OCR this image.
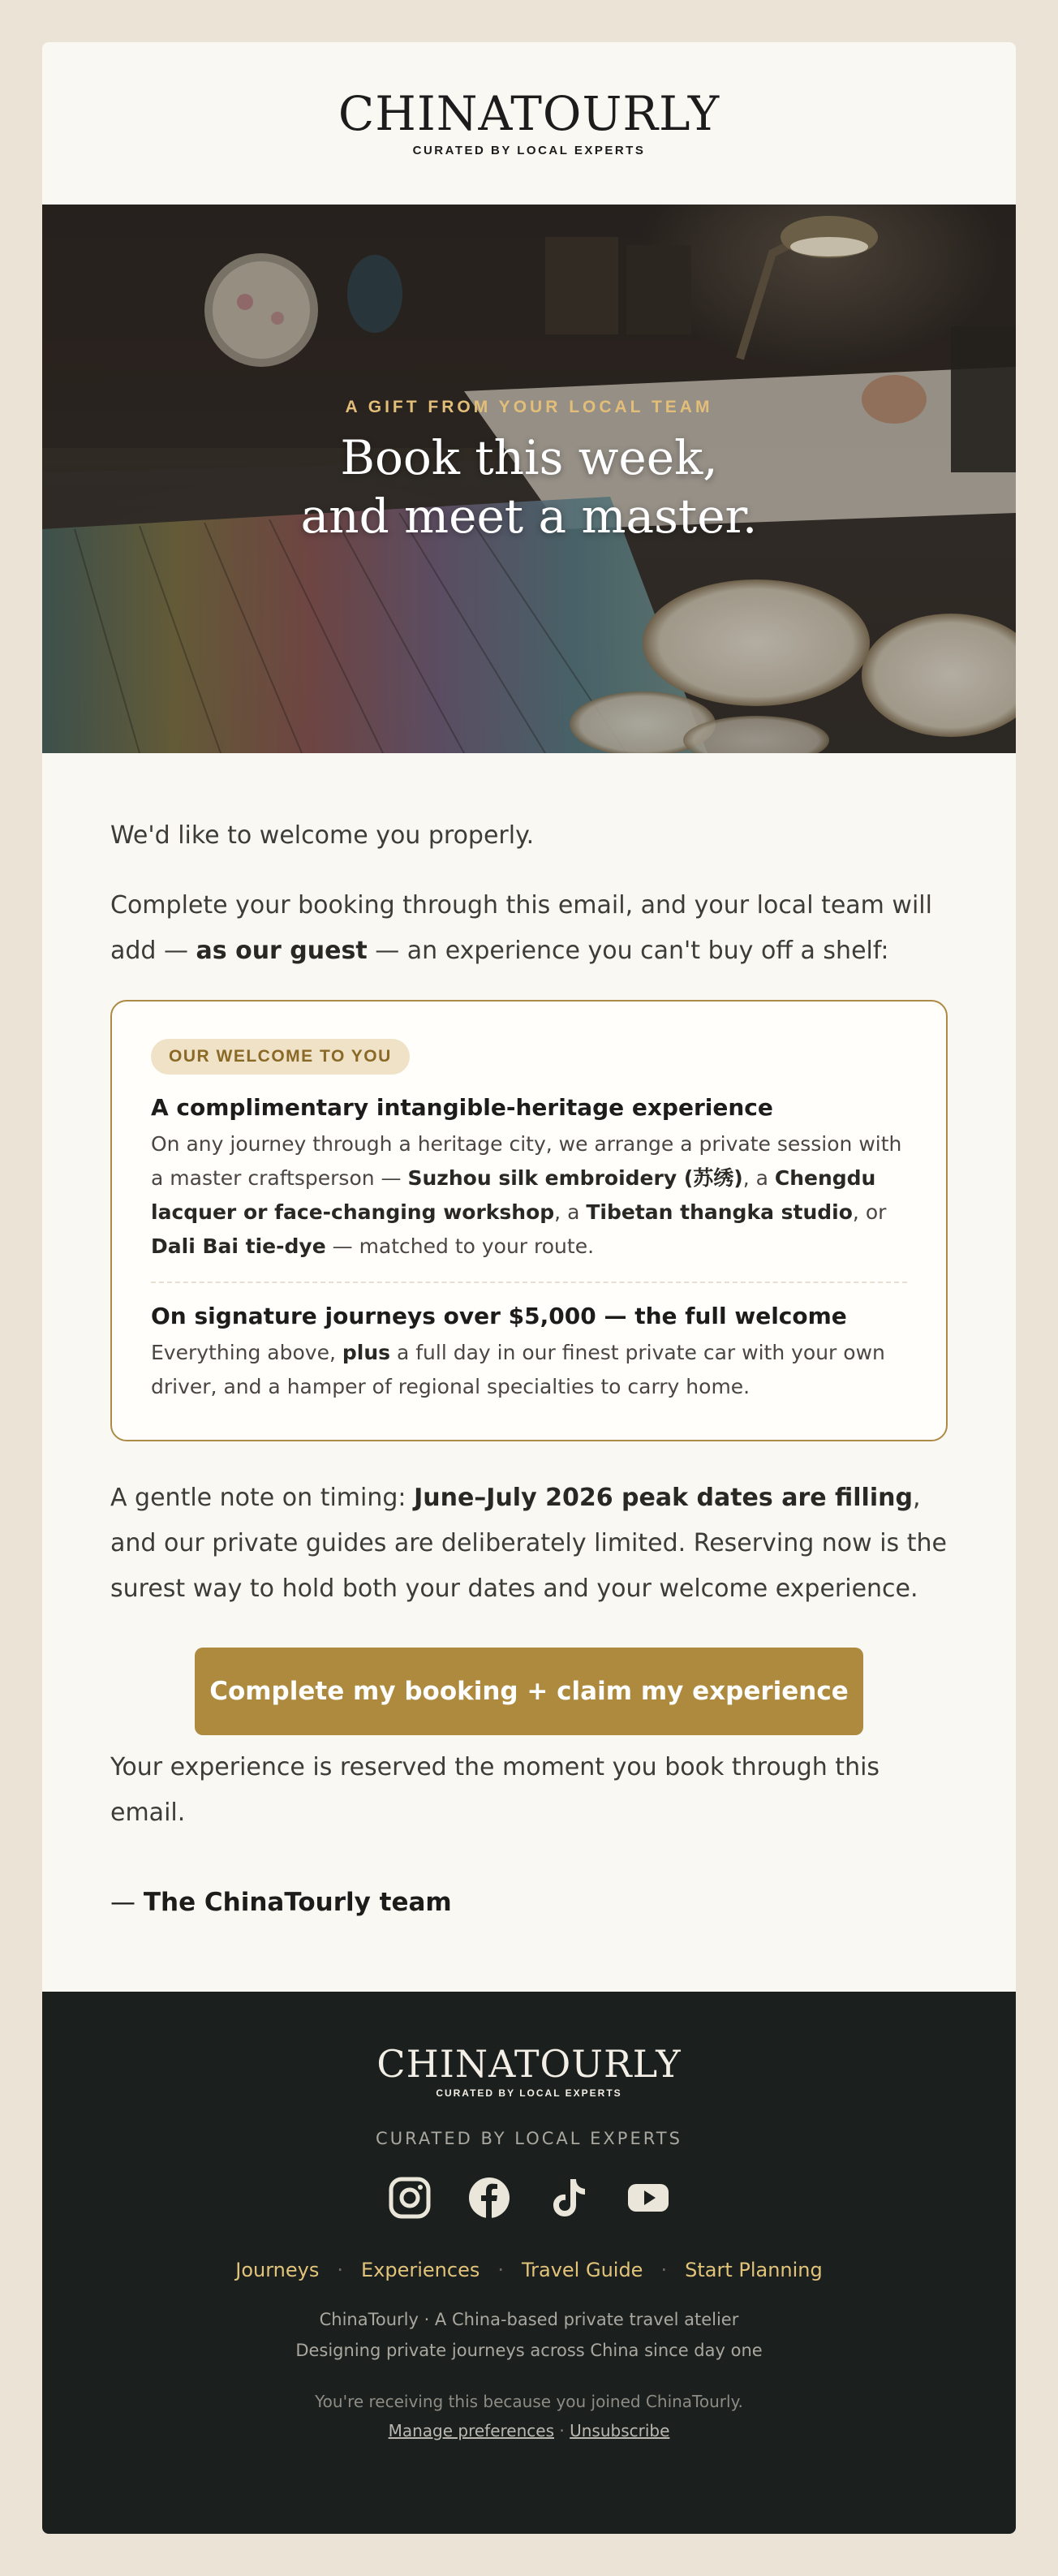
CHINATOURLY
CURATED BY LOCAL EXPERTS
A GIFT FROM YOUR LOCAL TEAM
Book this week,
and meet a master.

We'd like to welcome you properly.

Complete your booking through this email, and your local team will add — as our guest — an experience you can't buy off a shelf:

OUR WELCOME TO YOU
A complimentary intangible-heritage experience
On any journey through a heritage city, we arrange a private session with a master craftsperson — Suzhou silk embroidery (苏绣), a Chengdu lacquer or face-changing workshop, a Tibetan thangka studio, or Dali Bai tie-dye — matched to your route.
On signature journeys over $5,000 — the full welcome
Everything above, plus a full day in our finest private car with your own driver, and a hamper of regional specialties to carry home.

A gentle note on timing: June–July 2026 peak dates are filling, and our private guides are deliberately limited. Reserving now is the surest way to hold both your dates and your welcome experience.

Complete my booking + claim my experience

Your experience is reserved the moment you book through this email.

— The ChinaTourly team

CHINATOURLY
CURATED BY LOCAL EXPERTS
CURATED BY LOCAL EXPERTS
Journeys · Experiences · Travel Guide · Start Planning
ChinaTourly · A China-based private travel atelier
Designing private journeys across China since day one
You're receiving this because you joined ChinaTourly.
Manage preferences · Unsubscribe
